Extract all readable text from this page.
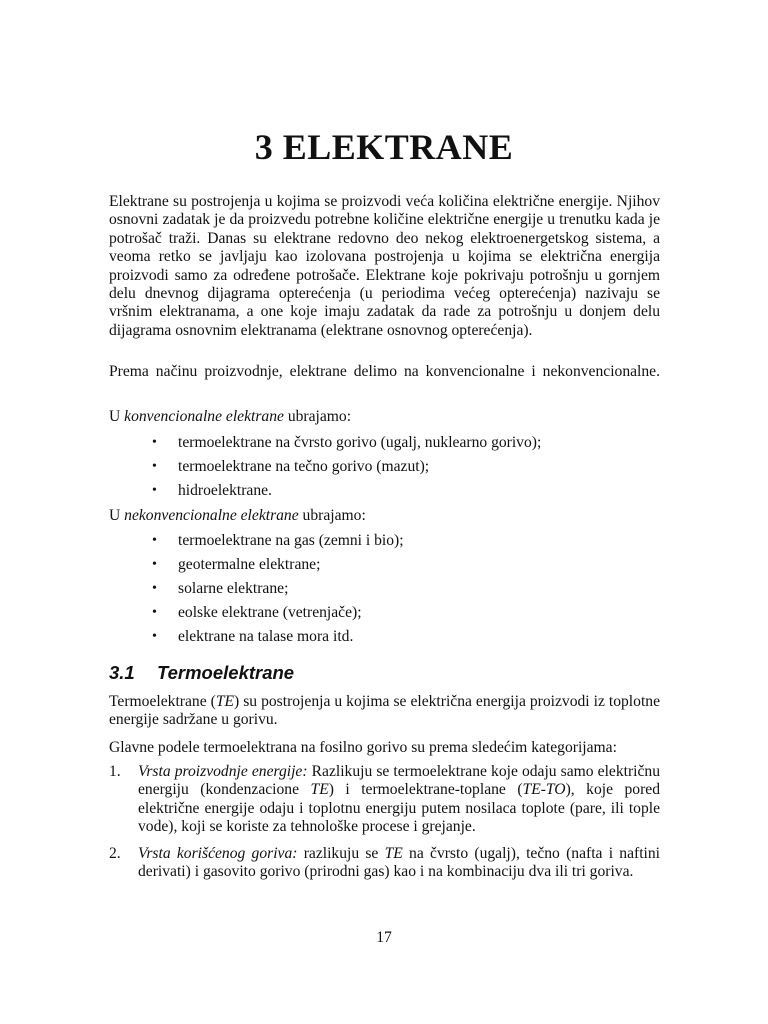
3 ELEKTRANE

Elektrane su postrojenja u kojima se proizvodi veća količina električne energije. Njihov osnovni zadatak je da proizvedu potrebne količine električne energije u trenutku kada je potrošač traži. Danas su elektrane redovno deo nekog elektroenergetskog sistema, a veoma retko se javljaju kao izolovana postrojenja u kojima se električna energija proizvodi samo za određene potrošače. Elektrane koje pokrivaju potrošnju u gornjem delu dnevnog dijagrama opterećenja (u periodima većeg opterećenja) nazivaju se vršnim elektranama, a one koje imaju zadatak da rade za potrošnju u donjem delu dijagrama osnovnim elektranama (elektrane osnovnog opterećenja).

Prema načinu proizvodnje, elektrane delimo na konvencionalne i nekonvencionalne.

U konvencionalne elektrane ubrajamo:

• termoelektrane na čvrsto gorivo (ugalj, nuklearno gorivo);
• termoelektrane na tečno gorivo (mazut);
• hidroelektrane.

U nekonvencionalne elektrane ubrajamo:

• termoelektrane na gas (zemni i bio);
• geotermalne elektrane;
• solarne elektrane;
• eolske elektrane (vetrenjače);
• elektrane na talase mora itd.
3.1 Termoelektrane

Termoelektrane (TE) su postrojenja u kojima se električna energija proizvodi iz toplotne energije sadržane u gorivu.

Glavne podele termoelektrana na fosilno gorivo su prema sledećim kategorijama:

1. Vrsta proizvodnje energije: Razlikuju se termoelektrane koje odaju samo električnu energiju (kondenzacione TE) i termoelektrane-toplane (TE-TO), koje pored električne energije odaju i toplotnu energiju putem nosilaca toplote (pare, ili tople vode), koji se koriste za tehnološke procese i grejanje.
2. Vrsta korišćenog goriva: razlikuju se TE na čvrsto (ugalj), tečno (nafta i naftini derivati) i gasovito gorivo (prirodni gas) kao i na kombinaciju dva ili tri goriva.
17
